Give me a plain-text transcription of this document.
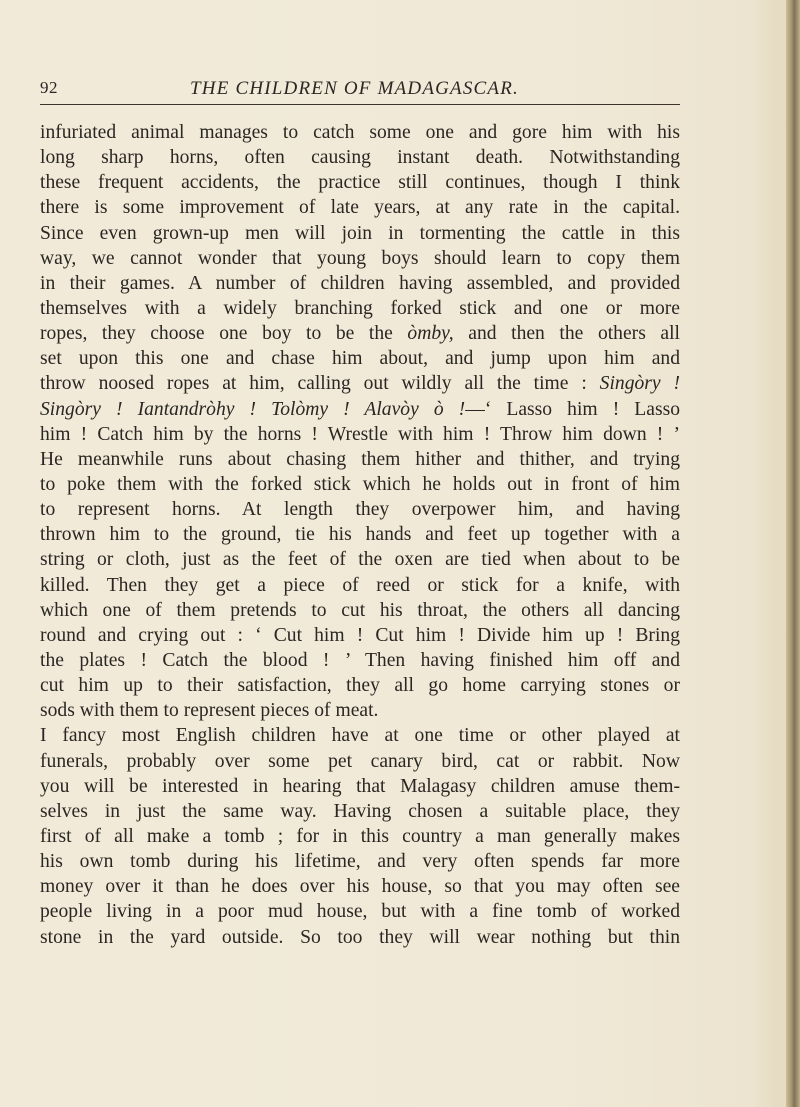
92	THE CHILDREN OF MADAGASCAR.
infuriated animal manages to catch some one and gore him with his
long sharp horns, often causing instant death. Notwithstanding
these frequent accidents, the practice still continues, though I think
there is some improvement of late years, at any rate in the capital.
Since even grown-up men will join in tormenting the cattle in this
way, we cannot wonder that young boys should learn to copy them
in their games. A number of children having assembled, and provided
themselves with a widely branching forked stick and one or more
ropes, they choose one boy to be the òmby, and then the others all
set upon this one and chase him about, and jump upon him and
throw noosed ropes at him, calling out wildly all the time : Singòry !
Singòry ! Iantandròhy ! Tolòmy ! Alavòy ò !—‘ Lasso him ! Lasso
him ! Catch him by the horns ! Wrestle with him ! Throw him down ! ’
He meanwhile runs about chasing them hither and thither, and trying
to poke them with the forked stick which he holds out in front of him
to represent horns. At length they overpower him, and having
thrown him to the ground, tie his hands and feet up together with a
string or cloth, just as the feet of the oxen are tied when about to be
killed. Then they get a piece of reed or stick for a knife, with
which one of them pretends to cut his throat, the others all dancing
round and crying out : ‘ Cut him ! Cut him ! Divide him up ! Bring
the plates ! Catch the blood ! ’ Then having finished him off and
cut him up to their satisfaction, they all go home carrying stones or
sods with them to represent pieces of meat.
I fancy most English children have at one time or other played at
funerals, probably over some pet canary bird, cat or rabbit. Now
you will be interested in hearing that Malagasy children amuse them-
selves in just the same way. Having chosen a suitable place, they
first of all make a tomb ; for in this country a man generally makes
his own tomb during his lifetime, and very often spends far more
money over it than he does over his house, so that you may often see
people living in a poor mud house, but with a fine tomb of worked
stone in the yard outside. So too they will wear nothing but thin
